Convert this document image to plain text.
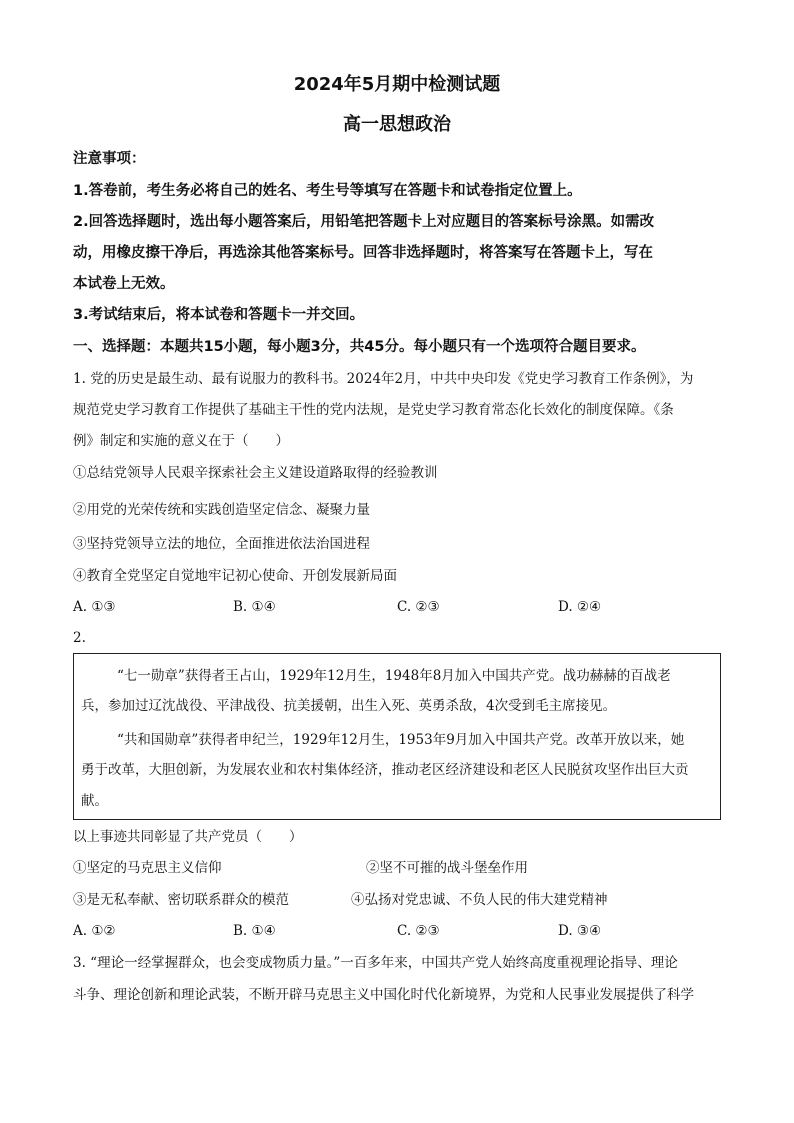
2024年5月期中检测试题
高一思想政治
注意事项：
1.答卷前，考生务必将自己的姓名、考生号等填写在答题卡和试卷指定位置上。
2.回答选择题时，选出每小题答案后，用铅笔把答题卡上对应题目的答案标号涂黑。如需改
动，用橡皮擦干净后，再选涂其他答案标号。回答非选择题时，将答案写在答题卡上，写在
本试卷上无效。
3.考试结束后，将本试卷和答题卡一并交回。
一、选择题：本题共15小题，每小题3分，共45分。每小题只有一个选项符合题目要求。
1. 党的历史是最生动、最有说服力的教科书。2024年2月，中共中央印发《党史学习教育工作条例》，为
规范党史学习教育工作提供了基础主干性的党内法规，是党史学习教育常态化长效化的制度保障。《条
例》制定和实施的意义在于（　　）
①总结党领导人民艰辛探索社会主义建设道路取得的经验教训
②用党的光荣传统和实践创造坚定信念、凝聚力量
③坚持党领导立法的地位，全面推进依法治国进程
④教育全党坚定自觉地牢记初心使命、开创发展新局面
A. ①③	B. ①④	C. ②③	D. ②④
2.
“七一勋章”获得者王占山，1929年12月生，1948年8月加入中国共产党。战功赫赫的百战老
兵，参加过辽沈战役、平津战役、抗美援朝，出生入死、英勇杀敌，4次受到毛主席接见。
“共和国勋章”获得者申纪兰，1929年12月生，1953年9月加入中国共产党。改革开放以来，她
勇于改革，大胆创新，为发展农业和农村集体经济，推动老区经济建设和老区人民脱贫攻坚作出巨大贡
献。
以上事迹共同彰显了共产党员（　　）
①坚定的马克思主义信仰	②坚不可摧的战斗堡垒作用
③是无私奉献、密切联系群众的模范	④弘扬对党忠诚、不负人民的伟大建党精神
A. ①②	B. ①④	C. ②③	D. ③④
3. “理论一经掌握群众，也会变成物质力量。”一百多年来，中国共产党人始终高度重视理论指导、理论
斗争、理论创新和理论武装，不断开辟马克思主义中国化时代化新境界，为党和人民事业发展提供了科学
